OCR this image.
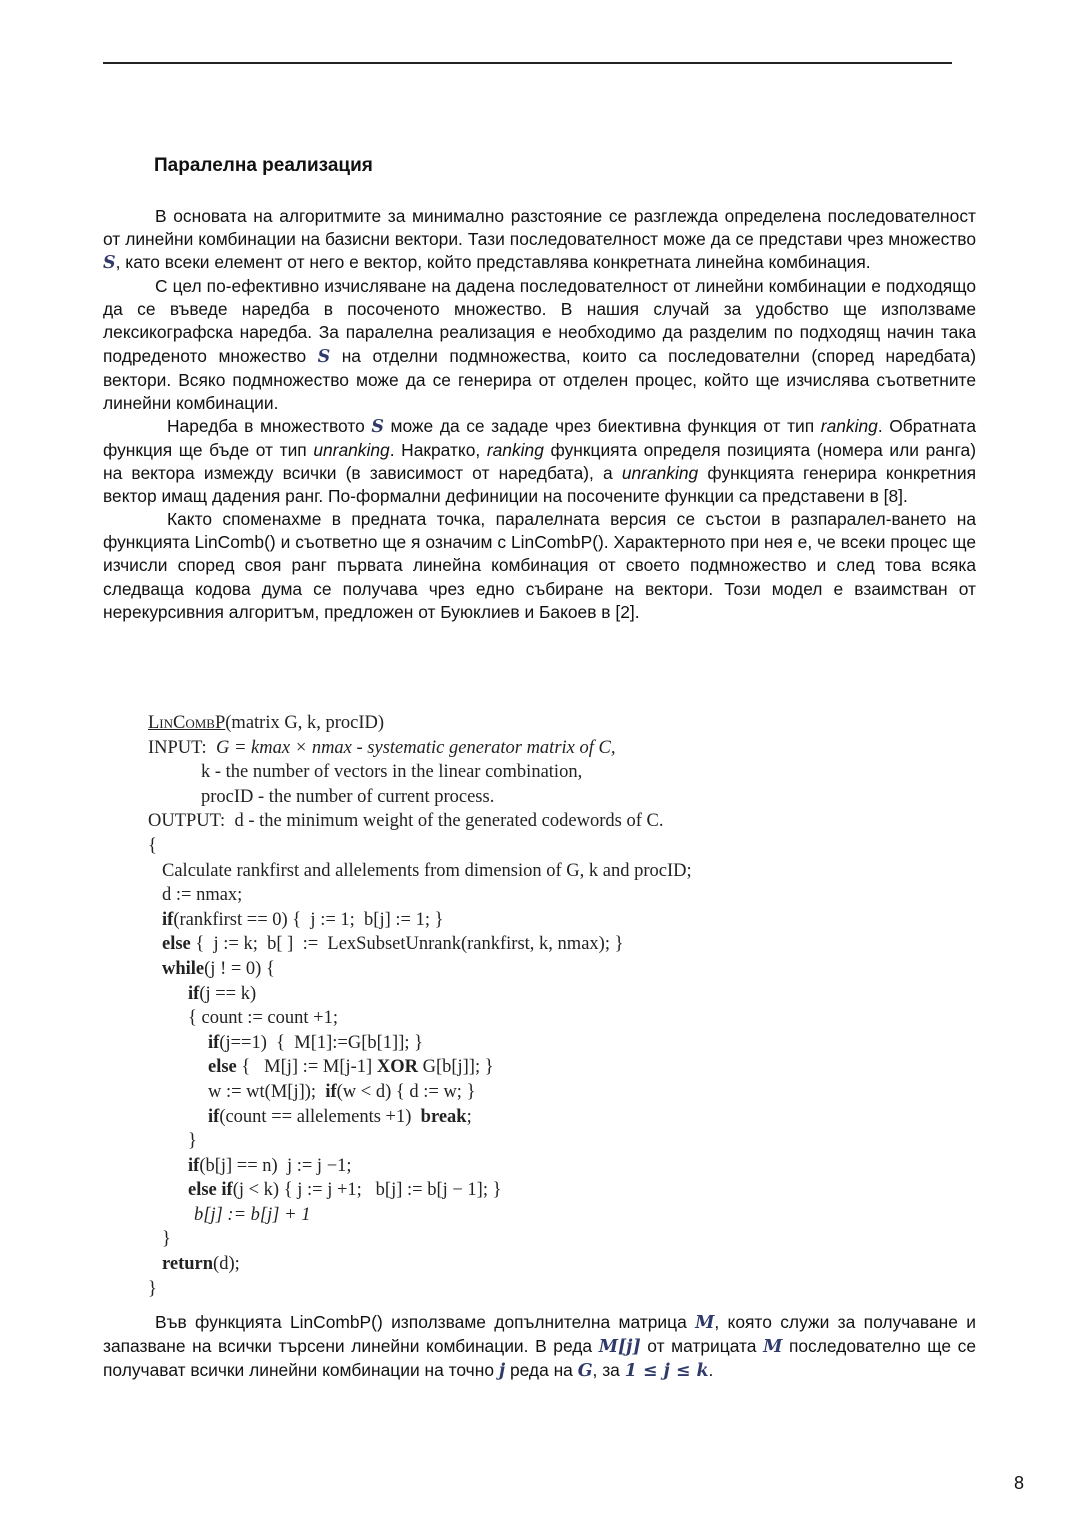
Паралелна реализация

В основата на алгоритмите за минимално разстояние се разглежда определена последователност от линейни комбинации на базисни вектори. Тази последователност може да се представи чрез множество S, като всеки елемент от него е вектор, който представлява конкретната линейна комбинация.

С цел по-ефективно изчисляване на дадена последователност от линейни комбинации е подходящо да се въведе наредба в посоченото множество. В нашия случай за удобство ще използваме лексикографска наредба. За паралелна реализация е необходимо да разделим по подходящ начин така подреденото множество S на отделни подмножества, които са последователни (според наредбата) вектори. Всяко подмножество може да се генерира от отделен процес, който ще изчислява съответните линейни комбинации.

Наредба в множеството S може да се зададе чрез биективна функция от тип ranking. Обратната функция ще бъде от тип unranking. Накратко, ranking функцията определя позицията (номера или ранга) на вектора измежду всички (в зависимост от наредбата), а unranking функцията генерира конкретния вектор имащ дадения ранг. По-формални дефиниции на посочените функции са представени в [8].

Както споменахме в предната точка, паралелната версия се състои в разпаралел-ването на функцията LinComb() и съответно ще я означим с LinCombP(). Характерното при нея е, че всеки процес ще изчисли според своя ранг първата линейна комбинация от своето подмножество и след това всяка следваща кодова дума се получава чрез едно събиране на вектори. Този модел е взаимстван от нерекурсивния алгоритъм, предложен от Буюклиев и Бакоев в [2].

LinCombP(matrix G, k, procID)
INPUT: G = kmax × nmax - systematic generator matrix of C,
k - the number of vectors in the linear combination,
procID - the number of current process.
OUTPUT: d - the minimum weight of the generated codewords of C.
{
Calculate rankfirst and allelements from dimension of G, k and procID;
d := nmax;
if(rankfirst == 0) {  j := 1;  b[j] := 1; }
else {  j := k;  b[ ]  :=  LexSubsetUnrank(rankfirst, k, nmax); }
while(j ! = 0) {
if(j == k)
{ count := count +1;
if(j==1)  {  M[1]:=G[b[1]]; }
else {   M[j] := M[j-1] XOR G[b[j]]; }
w := wt(M[j]);  if(w < d) { d := w; }
if(count == allelements +1)  break;
}
if(b[j] == n)  j := j −1;
else if(j < k) { j := j +1;   b[j] := b[j − 1]; }
b[j] := b[j] + 1
}
return(d);
}

Във функцията LinCombP() използваме допълнителна матрица M, която служи за получаване и запазване на всички търсени линейни комбинации. В реда M[j] от матрицата M последователно ще се получават всички линейни комбинации на точно j реда на G, за 1 ≤ j ≤ k.

8
